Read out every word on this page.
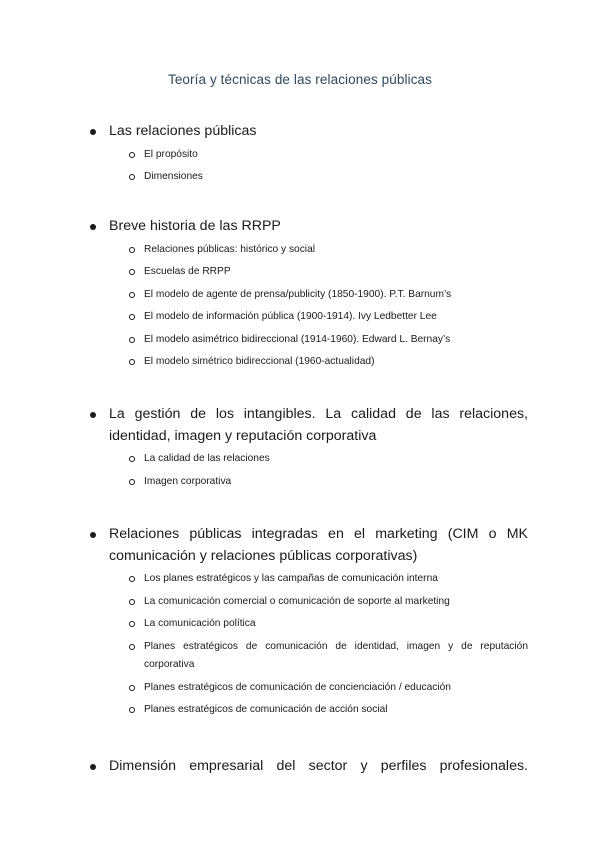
Teoría y técnicas de las relaciones públicas
Las relaciones públicas
El propósito
Dimensiones
Breve historia de las RRPP
Relaciones públicas: histórico y social
Escuelas de RRPP
El modelo de agente de prensa/publicity (1850-1900). P.T. Barnum’s
El modelo de información pública (1900-1914). Ivy Ledbetter Lee
El modelo asimétrico bidireccional (1914-1960). Edward L. Bernay’s
El modelo simétrico bidireccional (1960-actualidad)
La gestión de los intangibles. La calidad de las relaciones, identidad, imagen y reputación corporativa
La calidad de las relaciones
Imagen corporativa
Relaciones públicas integradas en el marketing (CIM o MK comunicación y relaciones públicas corporativas)
Los planes estratégicos y las campañas de comunicación interna
La comunicación comercial o comunicación de soporte al marketing
La comunicación política
Planes estratégicos de comunicación de identidad, imagen y de reputación corporativa
Planes estratégicos de comunicación de concienciación / educación
Planes estratégicos de comunicación de acción social
Dimensión empresarial del sector y perfiles profesionales.
